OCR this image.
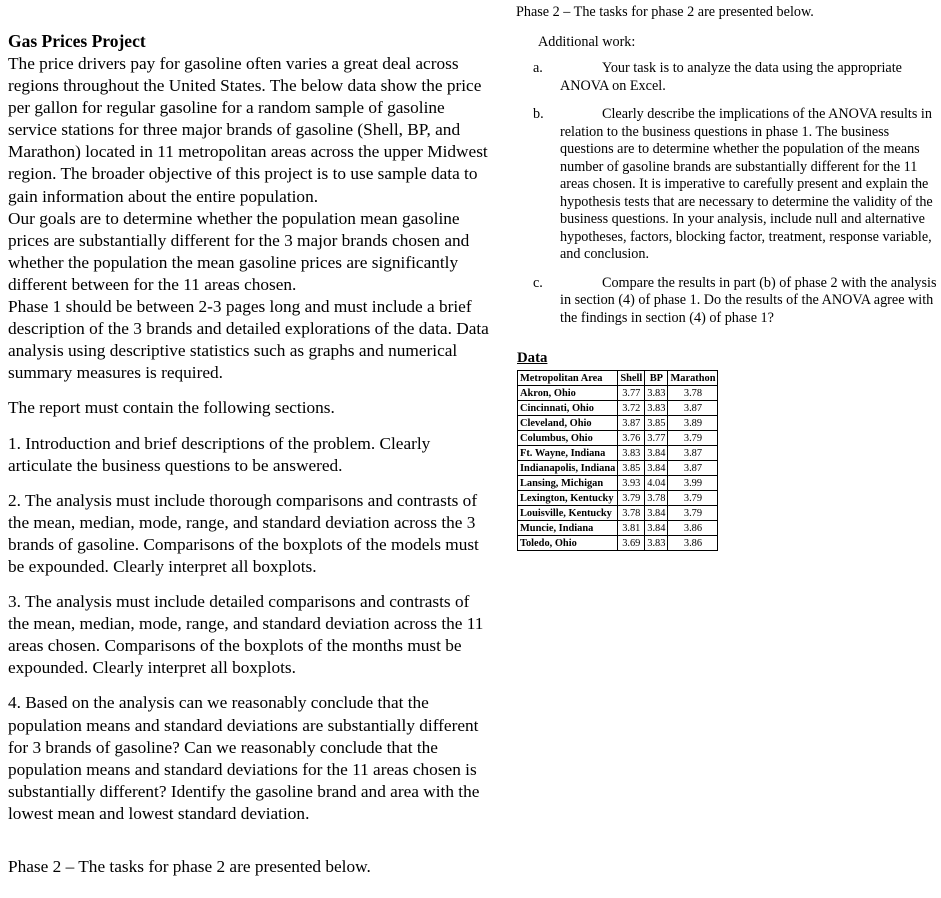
Gas Prices Project

The price drivers pay for gasoline often varies a great deal across regions throughout the United States. The below data show the price per gallon for regular gasoline for a random sample of gasoline service stations for three major brands of gasoline (Shell, BP, and Marathon) located in 11 metropolitan areas across the upper Midwest region. The broader objective of this project is to use sample data to gain information about the entire population.

Our goals are to determine whether the population mean gasoline prices are substantially different for the 3 major brands chosen and whether the population the mean gasoline prices are significantly different between for the 11 areas chosen.

Phase 1 should be between 2-3 pages long and must include a brief description of the 3 brands and detailed explorations of the data. Data analysis using descriptive statistics such as graphs and numerical summary measures is required.

The report must contain the following sections.

1. Introduction and brief descriptions of the problem. Clearly articulate the business questions to be answered.

2. The analysis must include thorough comparisons and contrasts of the mean, median, mode, range, and standard deviation across the 3 brands of gasoline. Comparisons of the boxplots of the models must be expounded. Clearly interpret all boxplots.

3. The analysis must include detailed comparisons and contrasts of the mean, median, mode, range, and standard deviation across the 11 areas chosen. Comparisons of the boxplots of the months must be expounded. Clearly interpret all boxplots.

4. Based on the analysis can we reasonably conclude that the population means and standard deviations are substantially different for 3 brands of gasoline? Can we reasonably conclude that the population means and standard deviations for the 11 areas chosen is substantially different? Identify the gasoline brand and area with the lowest mean and lowest standard deviation.

Phase 2 – The tasks for phase 2 are presented below.

Phase 2 – The tasks for phase 2 are presented below.

Additional work:

a.	Your task is to analyze the data using the appropriate ANOVA on Excel.
b.	Clearly describe the implications of the ANOVA results in relation to the business questions in phase 1. The business questions are to determine whether the population of the means number of gasoline brands are substantially different for the 11 areas chosen. It is imperative to carefully present and explain the hypothesis tests that are necessary to determine the validity of the business questions. In your analysis, include null and alternative hypotheses, factors, blocking factor, treatment, response variable, and conclusion.
c.	Compare the results in part (b) of phase 2 with the analysis in section (4) of phase 1. Do the results of the ANOVA agree with the findings in section (4) of phase 1?
Data
Metropolitan Area	Shell	BP	Marathon
Akron, Ohio	3.77	3.83	3.78
Cincinnati, Ohio	3.72	3.83	3.87
Cleveland, Ohio	3.87	3.85	3.89
Columbus, Ohio	3.76	3.77	3.79
Ft. Wayne, Indiana	3.83	3.84	3.87
Indianapolis, Indiana	3.85	3.84	3.87
Lansing, Michigan	3.93	4.04	3.99
Lexington, Kentucky	3.79	3.78	3.79
Louisville, Kentucky	3.78	3.84	3.79
Muncie, Indiana	3.81	3.84	3.86
Toledo, Ohio	3.69	3.83	3.86
